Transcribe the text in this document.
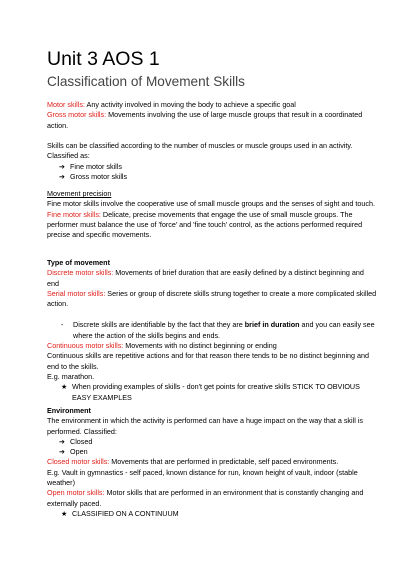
Unit 3 AOS 1
Classification of Movement Skills
Motor skills: Any activity involved in moving the body to achieve a specific goal
Gross motor skills: Movements involving the use of large muscle groups that result in a coordinated action.
Skills can be classified according to the number of muscles or muscle groups used in an activity. Classified as:
➔ Fine motor skills
➔ Gross motor skills
Movement precision
Fine motor skills involve the cooperative use of small muscle groups and the senses of sight and touch.
Fine motor skills: Delicate, precise movements that engage the use of small muscle groups. The performer must balance the use of 'force' and 'fine touch' control, as the actions performed required precise and specific movements.
Type of movement
Discrete motor skills: Movements of brief duration that are easily defined by a distinct beginning and end
Serial motor skills: Series or group of discrete skills strung together to create a more complicated skilled action.
- Discrete skills are identifiable by the fact that they are brief in duration and you can easily see where the action of the skills begins and ends.
Continuous motor skills: Movements with no distinct beginning or ending
Continuous skills are repetitive actions and for that reason there tends to be no distinct beginning and end to the skills.
E.g. marathon.
★ When providing examples of skills - don't get points for creative skills STICK TO OBVIOUS EASY EXAMPLES
Environment
The environment in which the activity is performed can have a huge impact on the way that a skill is performed. Classified:
➔ Closed
➔ Open
Closed motor skills: Movements that are performed in predictable, self paced environments.
E.g. Vault in gymnastics - self paced, known distance for run, known height of vault, indoor (stable weather)
Open motor skills: Motor skills that are performed in an environment that is constantly changing and externally paced.
★ CLASSIFIED ON A CONTINUUM
